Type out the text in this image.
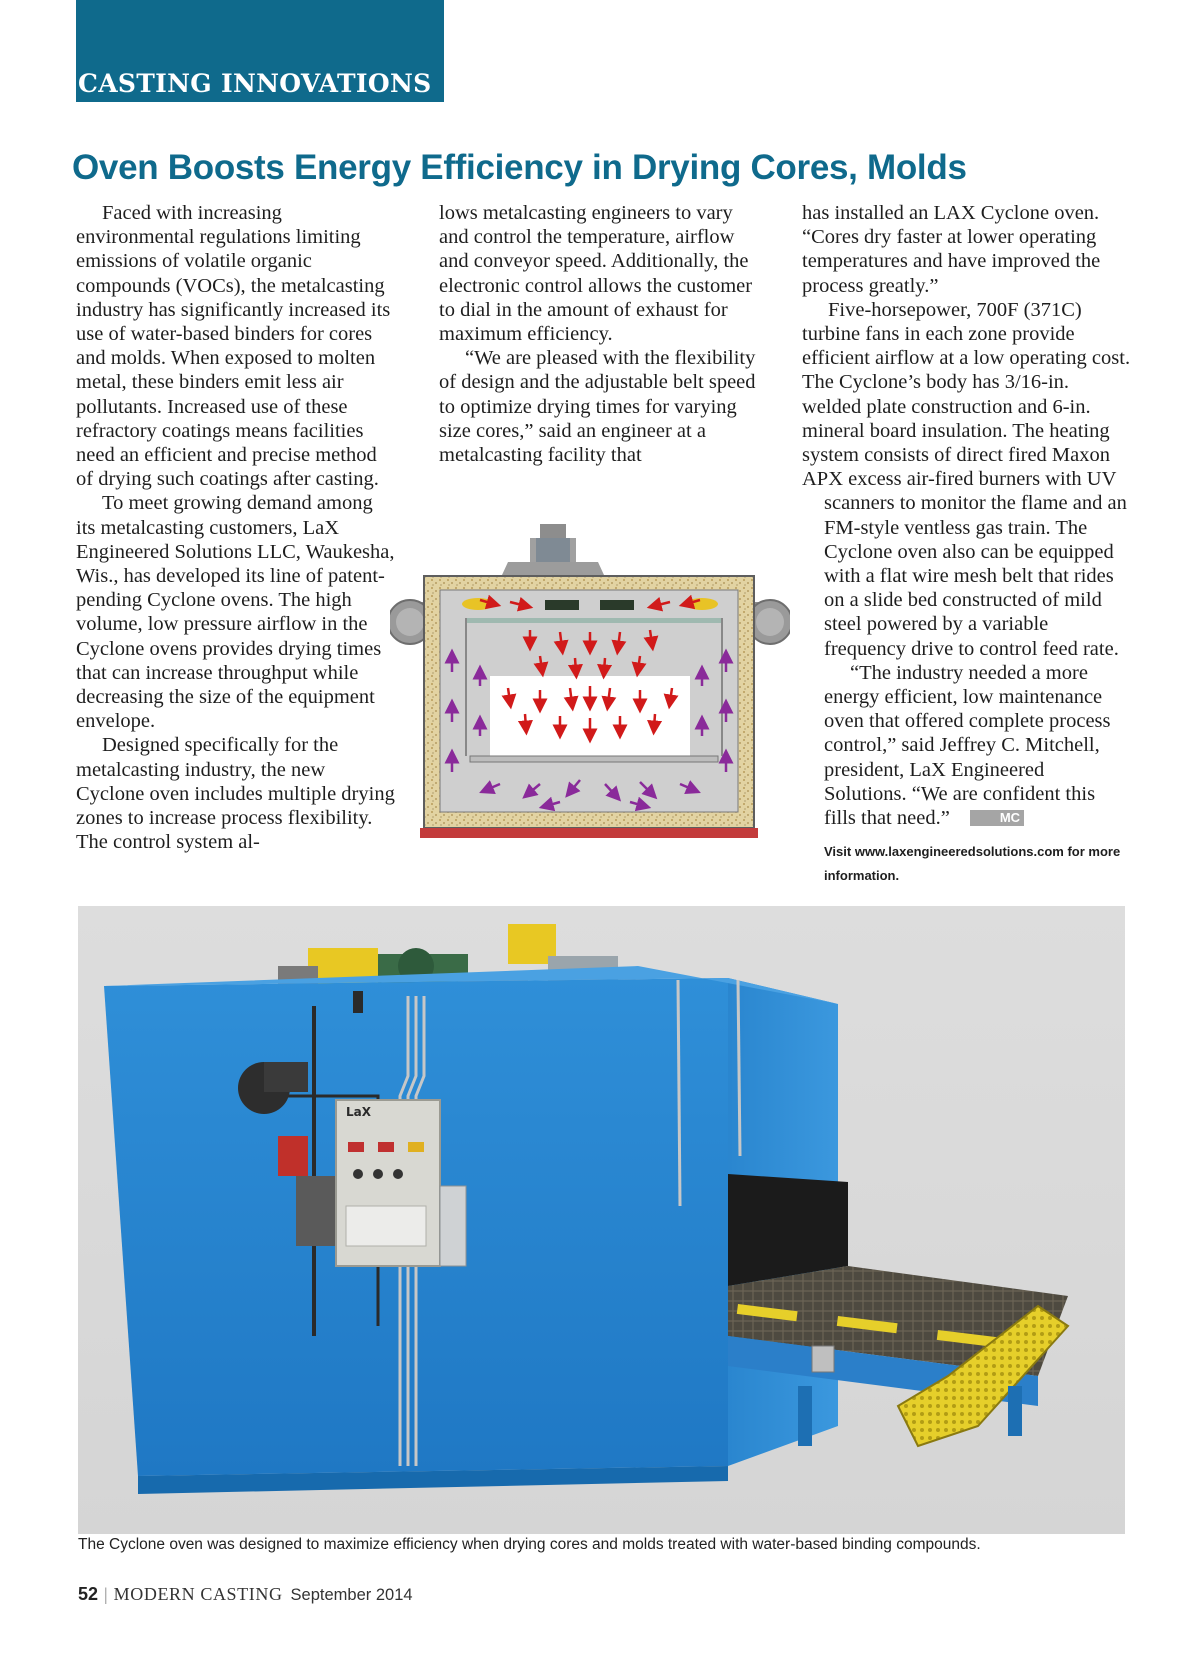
CASTING INNOVATIONS
Oven Boosts Energy Efficiency in Drying Cores, Molds

Faced with increasing environmental regulations limiting emissions of volatile organic compounds (VOCs), the metalcasting industry has significantly increased its use of water-based binders for cores and molds. When exposed to molten metal, these binders emit less air pollutants. Increased use of these refractory coatings means facilities need an efficient and precise method of drying such coatings after casting.

To meet growing demand among its metalcasting customers, LaX Engineered Solutions LLC, Waukesha, Wis., has developed its line of patent-pending Cyclone ovens. The high volume, low pressure airflow in the Cyclone ovens provides drying times that can increase throughput while decreasing the size of the equipment envelope.

Designed specifically for the metalcasting industry, the new Cyclone oven includes multiple drying zones to increase process flexibility. The control system al-

lows metalcasting engineers to vary and control the temperature, airflow and conveyor speed. Additionally, the electronic control allows the customer to dial in the amount of exhaust for maximum efficiency.

“We are pleased with the flexibility of design and the adjustable belt speed to optimize drying times for varying size cores,” said an engineer at a metalcasting facility that

has installed an LAX Cyclone oven. “Cores dry faster at lower operating temperatures and have improved the process greatly.”

Five-horsepower, 700F (371C) turbine fans in each zone provide efficient airflow at a low operating cost. The Cyclone’s body has 3/16-in. welded plate construction and 6-in. mineral board insulation. The heating system consists of direct fired Maxon APX excess air-fired burners with UV

scanners to monitor the flame and an FM-style ventless gas train. The Cyclone oven also can be equipped with a flat wire mesh belt that rides on a slide bed constructed of mild steel powered by a variable frequency drive to control feed rate.

“The industry needed a more energy efficient, low maintenance oven that offered complete process control,” said Jeffrey C. Mitchell, president, LaX Engineered Solutions. “We are confident this fills that need.”	MC

Visit www.laxengineeredsolutions.com for more information.
LaX
The Cyclone oven was designed to maximize efficiency when drying cores and molds treated with water-based binding compounds.
52 | MODERN CASTING September 2014
